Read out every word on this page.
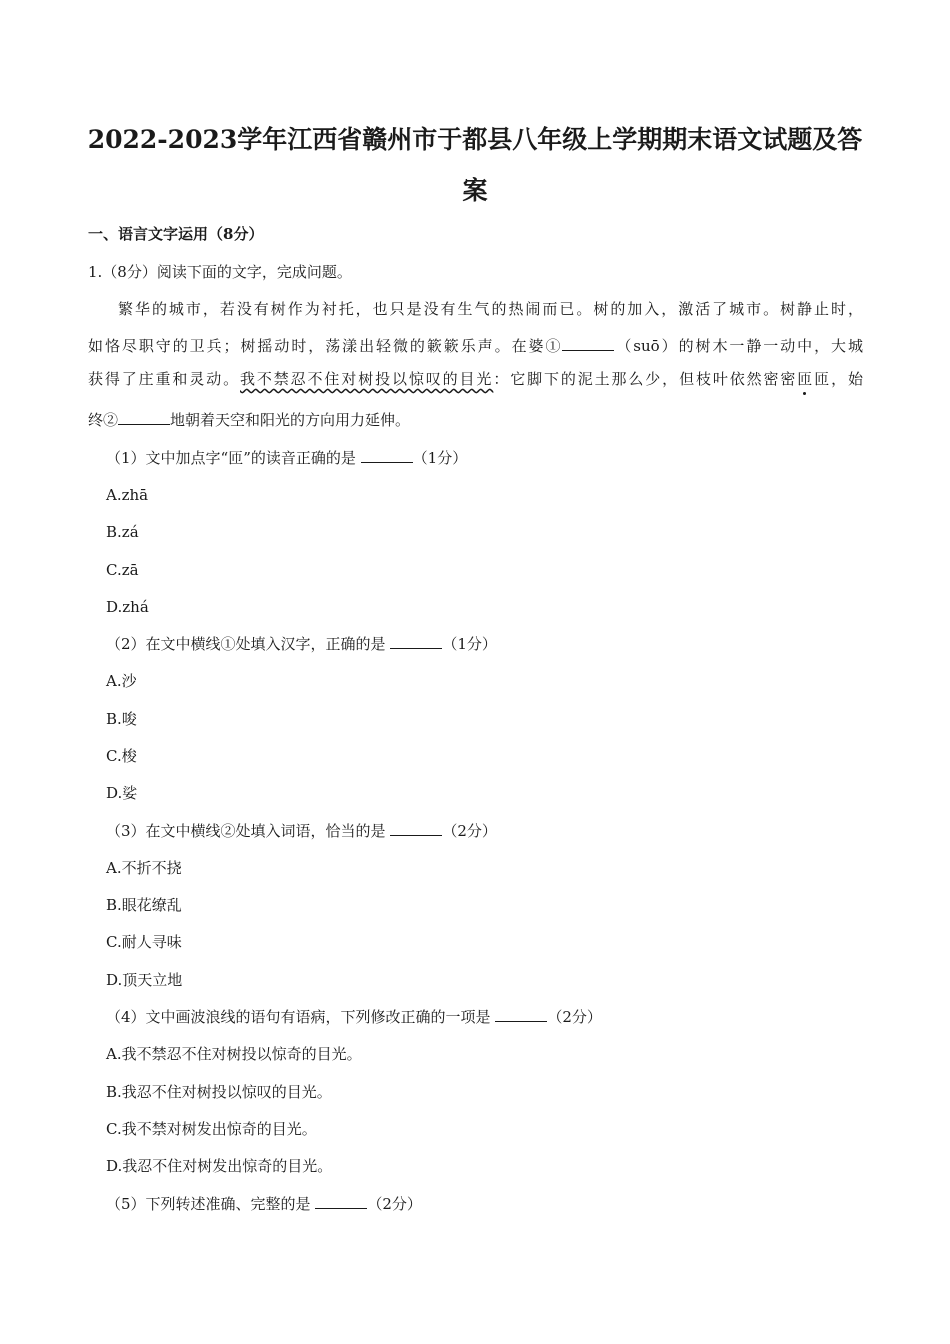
2022-2023学年江西省赣州市于都县八年级上学期期末语文试题及答
案
一、语言文字运用（8分）
1.（8分）阅读下面的文字，完成问题。
繁华的城市，若没有树作为衬托，也只是没有生气的热闹而已。树的加入，激活了城市。树静止时，
如恪尽职守的卫兵；树摇动时，荡漾出轻微的簌簌乐声。在婆①	（suō）的树木一静一动中，大城
获得了庄重和灵动。我不禁忍不住对树投以惊叹的目光：它脚下的泥土那么少，但枝叶依然密密匝匝，始
终②	地朝着天空和阳光的方向用力延伸。
（1）文中加点字“匝”的读音正确的是	（1分）
A.zhā
B.zá
C.zā
D.zhá
（2）在文中横线①处填入汉字，正确的是	（1分）
A.沙
B.唆
C.梭
D.娑
（3）在文中横线②处填入词语，恰当的是	（2分）
A.不折不挠
B.眼花缭乱
C.耐人寻味
D.顶天立地
（4）文中画波浪线的语句有语病，下列修改正确的一项是	（2分）
A.我不禁忍不住对树投以惊奇的目光。
B.我忍不住对树投以惊叹的目光。
C.我不禁对树发出惊奇的目光。
D.我忍不住对树发出惊奇的目光。
（5）下列转述准确、完整的是	（2分）
